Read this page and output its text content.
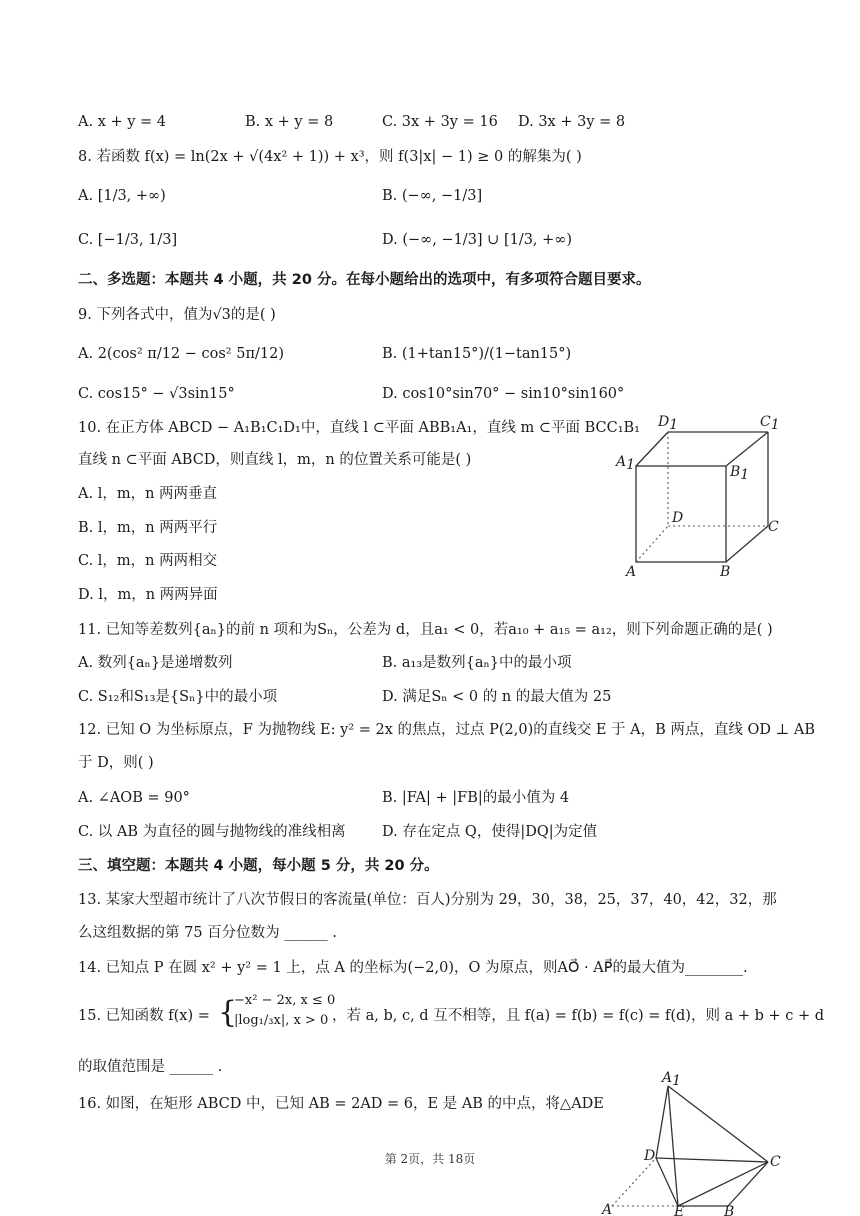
A. x + y = 4	B. x + y = 8	C. 3x + 3y = 16 D. 3x + 3y = 8
8. 若函数 f(x) = ln(2x + √(4x² + 1)) + x³，则 f(3|x| − 1) ≥ 0 的解集为( )
A. [1/3, +∞)	B. (−∞, −1/3]
C. [−1/3, 1/3]	D. (−∞, −1/3] ∪ [1/3, +∞)
二、多选题：本题共 4 小题，共 20 分。在每小题给出的选项中，有多项符合题目要求。
9. 下列各式中，值为√3的是( )
A. 2(cos² π/12 − cos² 5π/12)	B. (1+tan15°)/(1−tan15°)
C. cos15° − √3sin15°	D. cos10°sin70° − sin10°sin160°
10. 在正方体 ABCD − A₁B₁C₁D₁中，直线 l ⊂平面 ABB₁A₁，直线 m ⊂平面 BCC₁B₁
直线 n ⊂平面 ABCD，则直线 l，m，n 的位置关系可能是( )
A. l，m，n 两两垂直
B. l，m，n 两两平行
C. l，m，n 两两相交
D. l，m，n 两两异面
D1	C1
A1	B1
D
C
A	B
11. 已知等差数列{aₙ}的前 n 项和为Sₙ，公差为 d，且a₁ < 0，若a₁₀ + a₁₅ = a₁₂，则下列命题正确的是( )
A. 数列{aₙ}是递增数列	B. a₁₃是数列{aₙ}中的最小项
C. S₁₂和S₁₃是{Sₙ}中的最小项	D. 满足Sₙ < 0 的 n 的最大值为 25
12. 已知 O 为坐标原点，F 为抛物线 E: y² = 2x 的焦点，过点 P(2,0)的直线交 E 于 A，B 两点，直线 OD ⊥ AB
于 D，则( )
A. ∠AOB = 90°	B. |FA| + |FB|的最小值为 4
C. 以 AB 为直径的圆与抛物线的准线相离	D. 存在定点 Q，使得|DQ|为定值
三、填空题：本题共 4 小题，每小题 5 分，共 20 分。
13. 某家大型超市统计了八次节假日的客流量(单位：百人)分别为 29，30，38，25，37，40，42，32，那
么这组数据的第 75 百分位数为 ______ .
14. 已知点 P 在圆 x² + y² = 1 上，点 A 的坐标为(−2,0)，O 为原点，则AO⃗ · AP⃗的最大值为________.
15. 已知函数 f(x) = {
−x² − 2x, x ≤ 0
|log₁/₃x|, x > 0 ，若 a, b, c, d 互不相等，且 f(a) = f(b) = f(c) = f(d)，则 a + b + c + d
的取值范围是 ______ .
16. 如图，在矩形 ABCD 中，已知 AB = 2AD = 6，E 是 AB 的中点，将△ADE
A1
D	C
A	E	B
第 2页，共 18页
